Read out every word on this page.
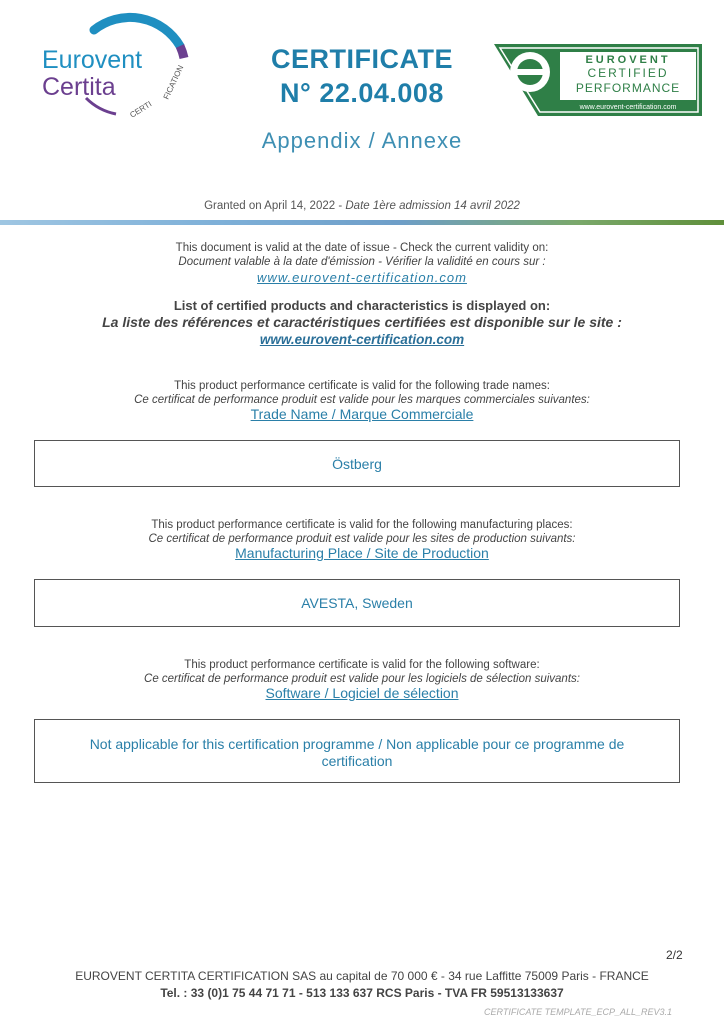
CERTI
FICATION
Eurovent
Certita
CERTIFICATE
N° 22.04.008
Appendix / Annexe
EUROVENT
CERTIFIED
PERFORMANCE
www.eurovent-certification.com
Granted on April 14, 2022 - Date 1ère admission 14 avril 2022
This document is valid at the date of issue - Check the current validity on:
Document valable à la date d'émission - Vérifier la validité en cours sur :
www.eurovent-certification.com
List of certified products and characteristics is displayed on:
La liste des références et caractéristiques certifiées est disponible sur le site :
www.eurovent-certification.com
This product performance certificate is valid for the following trade names:
Ce certificat de performance produit est valide pour les marques commerciales suivantes:
Trade Name / Marque Commerciale
Östberg
This product performance certificate is valid for the following manufacturing places:
Ce certificat de performance produit est valide pour les sites de production suivants:
Manufacturing Place / Site de Production
AVESTA, Sweden
This product performance certificate is valid for the following software:
Ce certificat de performance produit est valide pour les logiciels de sélection suivants:
Software / Logiciel de sélection
Not applicable for this certification programme / Non applicable pour ce programme de certification
2/2
EUROVENT CERTITA CERTIFICATION SAS au capital de 70 000 € - 34 rue Laffitte 75009 Paris - FRANCE
Tel. : 33 (0)1 75 44 71 71 - 513 133 637 RCS Paris - TVA FR 59513133637
CERTIFICATE TEMPLATE_ECP_ALL_REV3.1
